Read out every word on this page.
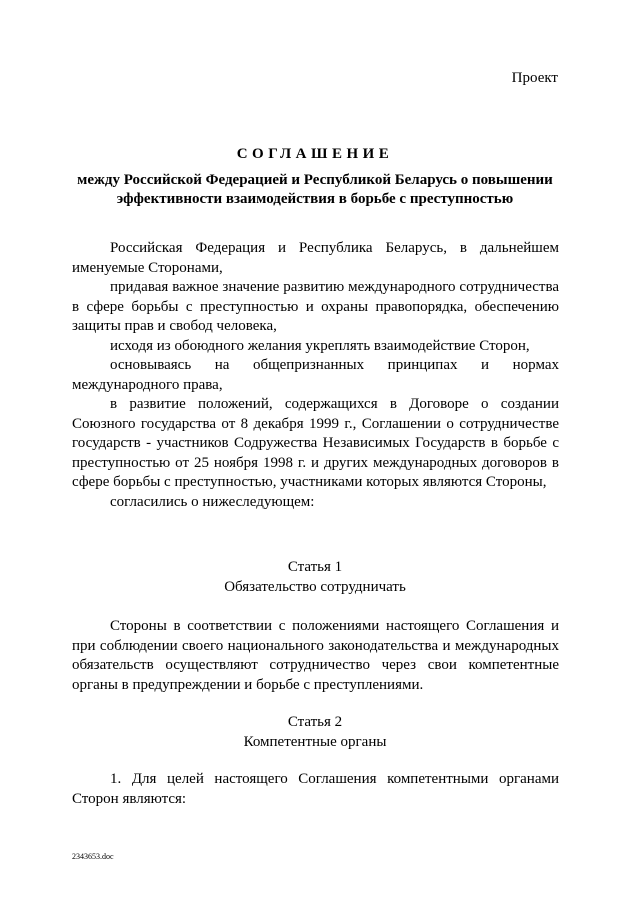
Проект
СОГЛАШЕНИЕ
между Российской Федерацией и Республикой Беларусь о повышении
эффективности взаимодействия в борьбе с преступностью

Российская Федерация и Республика Беларусь, в дальнейшем именуемые Сторонами,

придавая важное значение развитию международного сотрудничества в сфере борьбы с преступностью и охраны правопорядка, обеспечению защиты прав и свобод человека,

исходя из обоюдного желания укреплять взаимодействие Сторон,

основываясь на общепризнанных принципах и нормах международного права,

в развитие положений, содержащихся в Договоре о создании Союзного государства от 8 декабря 1999 г., Соглашении о сотрудничестве государств - участников Содружества Независимых Государств в борьбе с преступностью от 25 ноября 1998 г. и других международных договоров в сфере борьбы с преступностью, участниками которых являются Стороны,

согласились о нижеследующем:

Статья 1
Обязательство сотрудничать

Стороны в соответствии с положениями настоящего Соглашения и при соблюдении своего национального законодательства и международных обязательств осуществляют сотрудничество через свои компетентные органы в предупреждении и борьбе с преступлениями.

Статья 2
Компетентные органы

1. Для целей настоящего Соглашения компетентными органами Сторон являются:

2343653.doc
